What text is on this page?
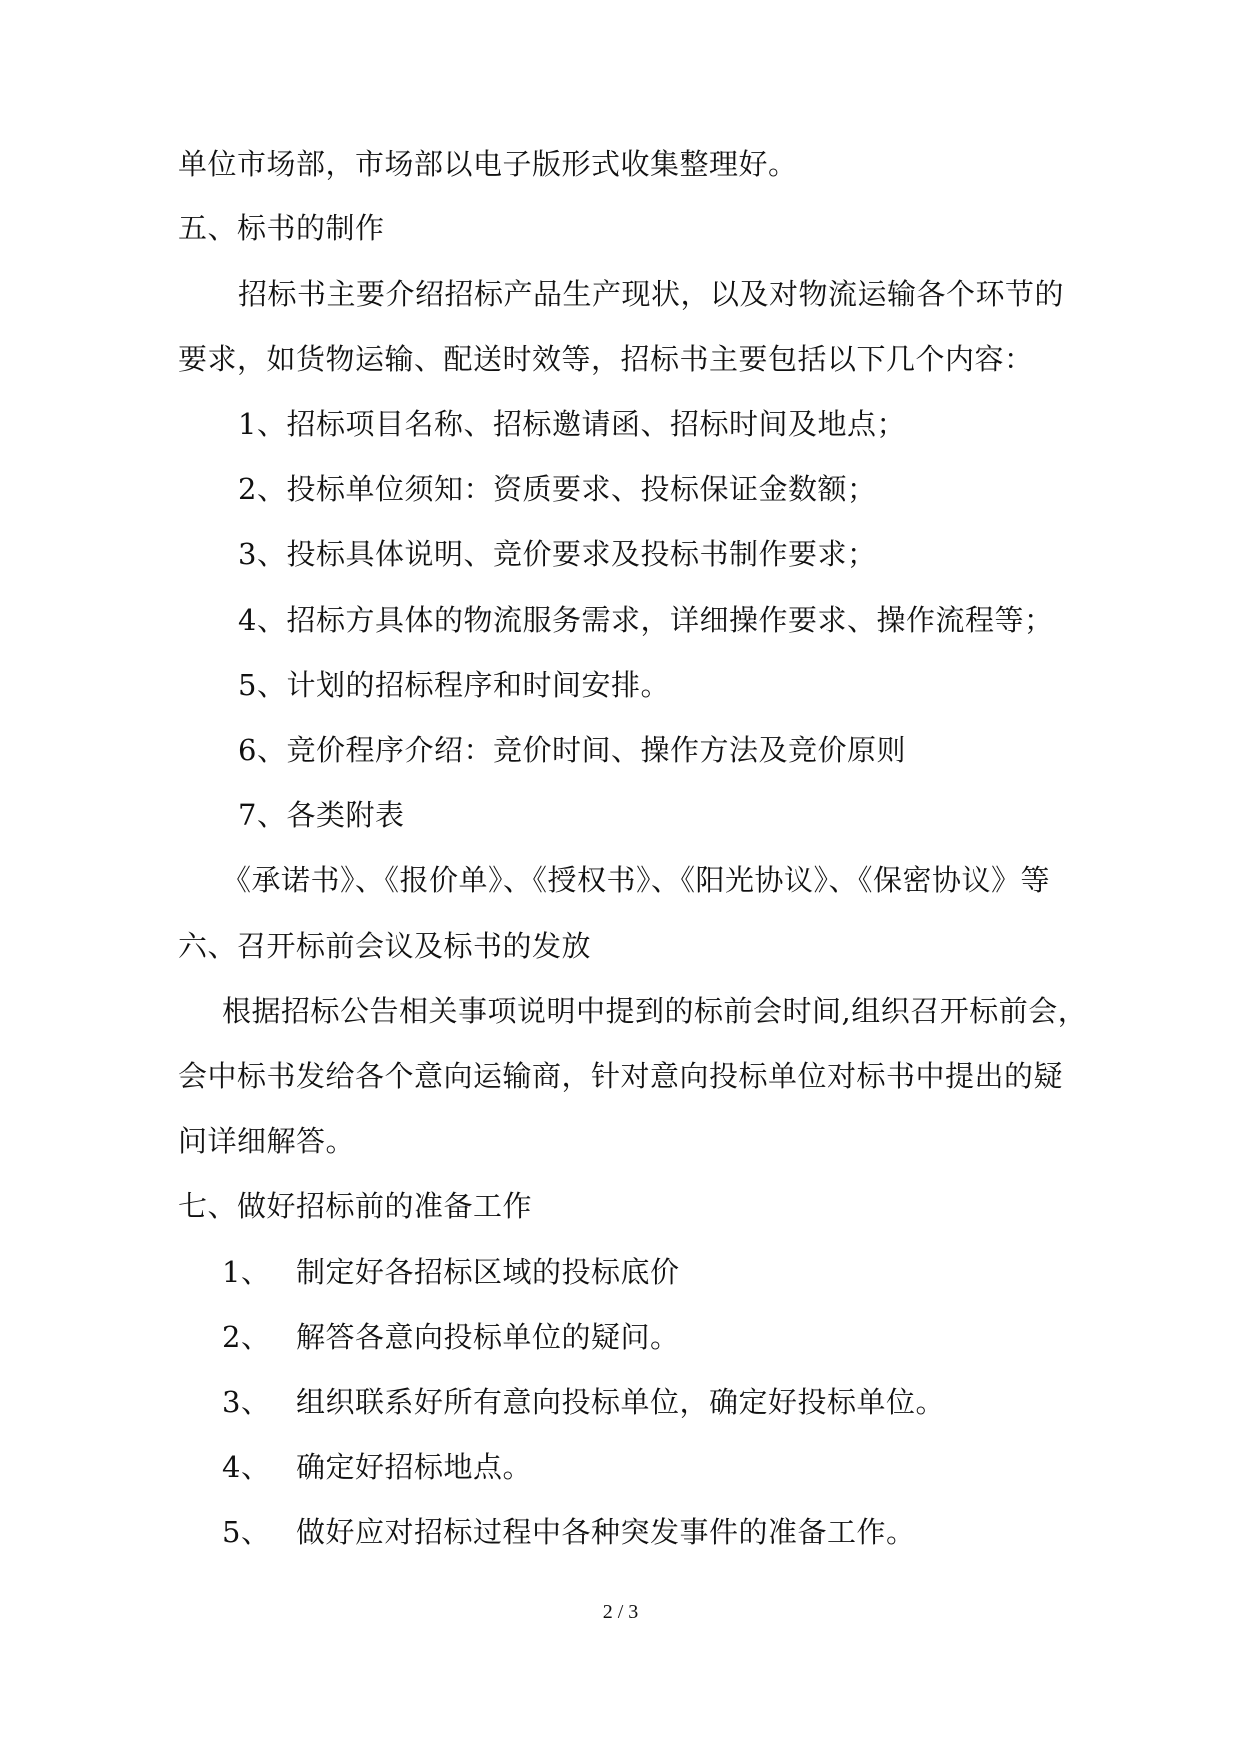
单位市场部，市场部以电子版形式收集整理好。
五、标书的制作
招标书主要介绍招标产品生产现状，以及对物流运输各个环节的
要求，如货物运输、配送时效等，招标书主要包括以下几个内容：
1、招标项目名称、招标邀请函、招标时间及地点；
2、投标单位须知：资质要求、投标保证金数额；
3、投标具体说明、竞价要求及投标书制作要求；
4、招标方具体的物流服务需求，详细操作要求、操作流程等；
5、计划的招标程序和时间安排。
6、竞价程序介绍：竞价时间、操作方法及竞价原则
7、各类附表
《承诺书》、《报价单》、《授权书》、《阳光协议》、《保密协议》等
六、召开标前会议及标书的发放
根据招标公告相关事项说明中提到的标前会时间,组织召开标前会，
会中标书发给各个意向运输商，针对意向投标单位对标书中提出的疑
问详细解答。
七、做好招标前的准备工作
1、 制定好各招标区域的投标底价
2、 解答各意向投标单位的疑问。
3、 组织联系好所有意向投标单位，确定好投标单位。
4、 确定好招标地点。
5、 做好应对招标过程中各种突发事件的准备工作。
2 / 3
